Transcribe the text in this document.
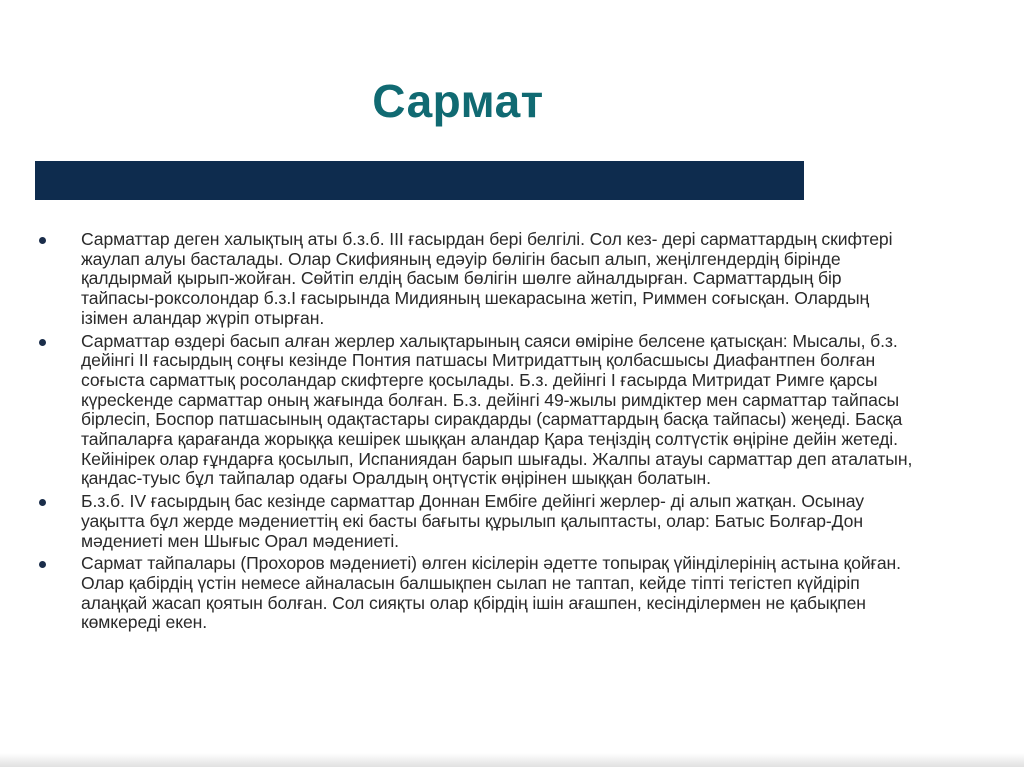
Сармат
Сарматтар деген халықтың аты б.з.б. ІІІ ғасырдан бері белгілі. Сол кез- дері сарматтардың скифтері жаулап алуы басталады. Олар Скифияның едәуір бөлігін басып алып, жеңілгендердің бірінде қалдырмай қырып-жойған. Сөйтіп елдің басым бөлігін шөлге айналдырған. Сарматтардың бір тайпасы-роксолондар б.з.І ғасырында Мидияның шекарасына жетіп, Риммен соғысқан. Олардың ізімен аландар жүріп отырған.
Сарматтар өздері басып алған жерлер халықтарының саяси өміріне белсене қатысқан: Мысалы, б.з. дейінгі ІІ ғасырдың соңғы кезінде Понтия патшасы Митридаттың қолбасшысы Диафантпен болған соғыста сарматтық росоландар скифтерге қосылады. Б.з. дейінгі І ғасырда Митридат Римге қарсы күресkенде сарматтар оның жағында болған. Б.з. дейінгі 49-жылы римдіктер мен сарматтар тайпасы бірлесіп, Боспор патшасының одақтастары сиракдарды (сарматтардың басқа тайпасы) жеңеді. Басқа тайпаларға қарағанда жорыққа кешірек шыққан аландар Қара теңіздің солтүстік өңіріне дейін жетеді. Кейінірек олар ғұндарға қосылып, Испаниядан барып шығады. Жалпы атауы сарматтар деп аталатын, қандас-туыс бұл тайпалар одағы Оралдың оңтүстік өңірінен шыққан болатын.
Б.з.б. IV ғасырдың бас кезінде сарматтар Доннан Ембіге дейінгі жерлер- ді алып жатқан. Осынау уақытта бұл жерде мәдениеттің екі басты бағыты құрылып қалыптасты, олар: Батыс Болғар-Дон мәдениеті мен Шығыс Орал мәдениеті.
Сармат тайпалары (Прохоров мәдениеті) өлген кісілерін әдетте топырақ үйінділерінің астына қойған. Олар қабірдің үстін немесе айналасын балшықпен сылап не таптап, кейде тіпті тегістеп күйдіріп алаңқай жасап қоятын болған. Сол сияқты олар қбірдің ішін ағашпен, кесінділермен не қабықпен көмкереді екен.
